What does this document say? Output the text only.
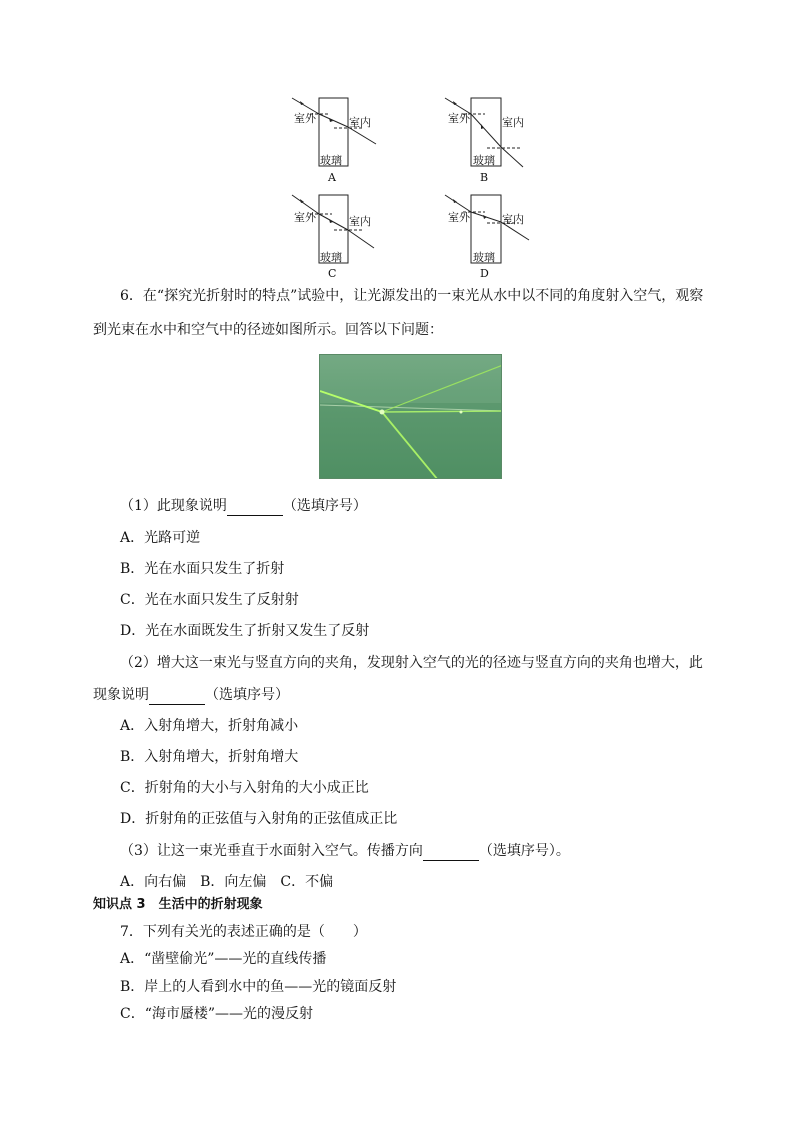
室外	室内
玻璃
A
室外	室内
玻璃
B
室外	室内
玻璃
C
室外	室内
玻璃
D
6．在“探究光折射时的特点”试验中，让光源发出的一束光从水中以不同的角度射入空气，观察
到光束在水中和空气中的径迹如图所示。回答以下问题：
（1）此现象说明	（选填序号）
A．光路可逆
B．光在水面只发生了折射
C．光在水面只发生了反射射
D．光在水面既发生了折射又发生了反射
（2）增大这一束光与竖直方向的夹角，发现射入空气的光的径迹与竖直方向的夹角也增大，此
现象说明	（选填序号）
A．入射角增大，折射角减小
B．入射角增大，折射角增大
C．折射角的大小与入射角的大小成正比
D．折射角的正弦值与入射角的正弦值成正比
（3）让这一束光垂直于水面射入空气。传播方向	（选填序号）。
A．向右偏　B．向左偏　C．不偏
知识点 3　生活中的折射现象
7．下列有关光的表述正确的是（　　）
A．“凿壁偷光”——光的直线传播
B．岸上的人看到水中的鱼——光的镜面反射
C．“海市蜃楼”——光的漫反射
